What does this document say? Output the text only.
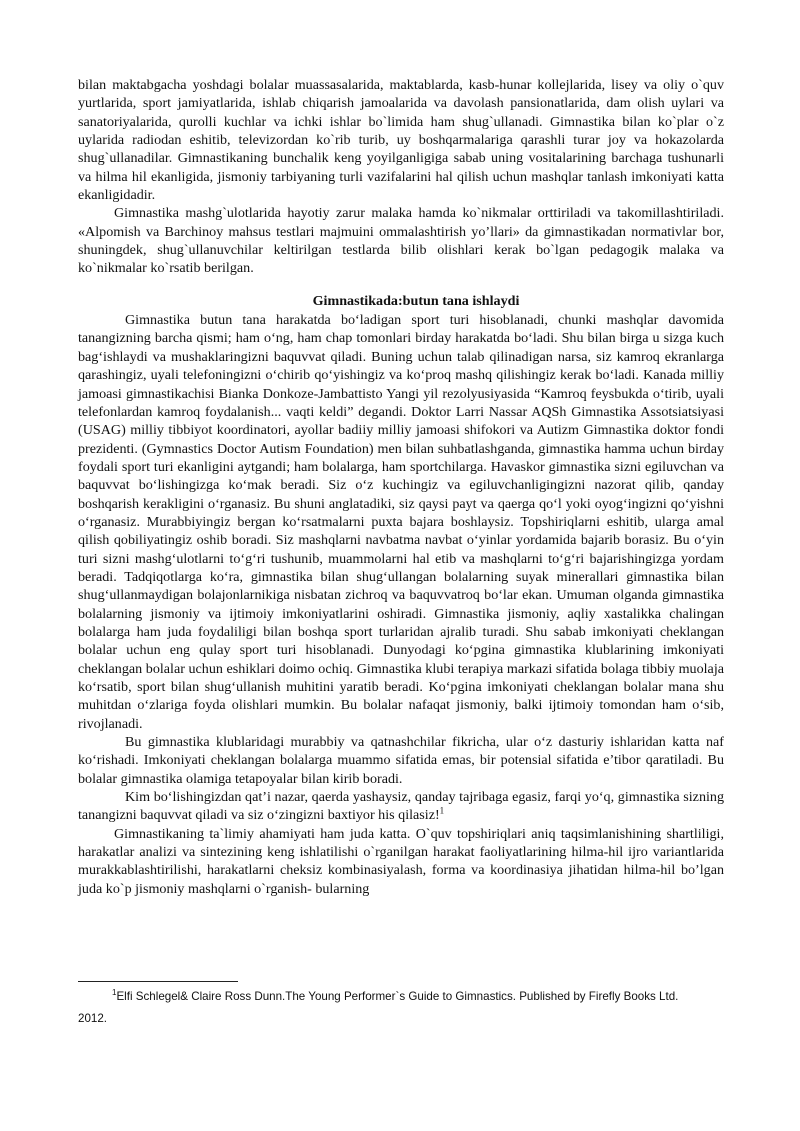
bilan maktabgacha yoshdagi bolalar muassasalarida, maktablarda, kasb-hunar kollejlarida, lisey va oliy o`quv yurtlarida, sport jamiyatlarida, ishlab chiqarish jamoalarida va davolash pansionatlarida, dam olish uylari va sanatoriyalarida, qurolli kuchlar va ichki ishlar bo`limida ham shug`ullanadi. Gimnastika bilan ko`plar o`z uylarida radiodan eshitib, televizordan ko`rib turib, uy boshqarmalariga qarashli turar joy va hokazolarda shug`ullanadilar. Gimnastikaning bunchalik keng yoyilganligiga sabab uning vositalarining barchaga tushunarli va hilma hil ekanligida, jismoniy tarbiyaning turli vazifalarini hal qilish uchun mashqlar tanlash imkoniyati katta ekanligidadir.

Gimnastika mashg`ulotlarida hayotiy zarur malaka hamda ko`nikmalar orttiriladi va takomillashtiriladi. «Alpomish va Barchinoy mahsus testlari majmuini ommalashtirish yo’llari» da gimnastikadan normativlar bor, shuningdek, shug`ullanuvchilar keltirilgan testlarda bilib olishlari kerak bo`lgan pedagogik malaka va ko`nikmalar ko`rsatib berilgan.

Gimnastikada:butun tana ishlaydi

Gimnastika butun tana harakatda bo‘ladigan sport turi hisoblanadi, chunki mashqlar davomida tanangizning barcha qismi; ham o‘ng, ham chap tomonlari birday harakatda bo‘ladi. Shu bilan birga u sizga kuch bag‘ishlaydi va mushaklaringizni baquvvat qiladi. Buning uchun talab qilinadigan narsa, siz kamroq ekranlarga qarashingiz, uyali telefoningizni o‘chirib qo‘yishingiz va ko‘proq mashq qilishingiz kerak bo‘ladi. Kanada milliy jamoasi gimnastikachisi Bianka Donkoze-Jambattisto Yangi yil rezolyusiyasida “Kamroq feysbukda o‘tirib, uyali telefonlardan kamroq foydalanish... vaqti keldi” degandi. Doktor Larri Nassar AQSh Gimnastika Assotsiatsiyasi (USAG) milliy tibbiyot koordinatori, ayollar badiiy milliy jamoasi shifokori va Autizm Gimnastika doktor fondi prezidenti. (Gymnastics Doctor Autism Foundation) men bilan suhbatlashganda, gimnastika hamma uchun birday foydali sport turi ekanligini aytgandi; ham bolalarga, ham sportchilarga. Havaskor gimnastika sizni egiluvchan va baquvvat bo‘lishingizga ko‘mak beradi. Siz o‘z kuchingiz va egiluvchanligingizni nazorat qilib, qanday boshqarish kerakligini o‘rganasiz. Bu shuni anglatadiki, siz qaysi payt va qaerga qo‘l yoki oyog‘ingizni qo‘yishni o‘rganasiz. Murabbiyingiz bergan ko‘rsatmalarni puxta bajara boshlaysiz. Topshiriqlarni eshitib, ularga amal qilish qobiliyatingiz oshib boradi. Siz mashqlarni navbatma navbat o‘yinlar yordamida bajarib borasiz. Bu o‘yin turi sizni mashg‘ulotlarni to‘g‘ri tushunib, muammolarni hal etib va mashqlarni to‘g‘ri bajarishingizga yordam beradi. Tadqiqotlarga ko‘ra, gimnastika bilan shug‘ullangan bolalarning suyak minerallari gimnastika bilan shug‘ullanmaydigan bolajonlarnikiga nisbatan zichroq va baquvvatroq bo‘lar ekan. Umuman olganda gimnastika bolalarning jismoniy va ijtimoiy imkoniyatlarini oshiradi. Gimnastika jismoniy, aqliy xastalikka chalingan bolalarga ham juda foydaliligi bilan boshqa sport turlaridan ajralib turadi. Shu sabab imkoniyati cheklangan bolalar uchun eng qulay sport turi hisoblanadi. Dunyodagi ko‘pgina gimnastika klublarining imkoniyati cheklangan bolalar uchun eshiklari doimo ochiq. Gimnastika klubi terapiya markazi sifatida bolaga tibbiy muolaja ko‘rsatib, sport bilan shug‘ullanish muhitini yaratib beradi. Ko‘pgina imkoniyati cheklangan bolalar mana shu muhitdan o‘zlariga foyda olishlari mumkin. Bu bolalar nafaqat jismoniy, balki ijtimoiy tomondan ham o‘sib, rivojlanadi.

Bu gimnastika klublaridagi murabbiy va qatnashchilar fikricha, ular o‘z dasturiy ishlaridan katta naf ko‘rishadi. Imkoniyati cheklangan bolalarga muammo sifatida emas, bir potensial sifatida e’tibor qaratiladi. Bu bolalar gimnastika olamiga tetapoyalar bilan kirib boradi.

Kim bo‘lishingizdan qat’i nazar, qaerda yashaysiz, qanday tajribaga egasiz, farqi yo‘q, gimnastika sizning tanangizni baquvvat qiladi va siz o‘zingizni baxtiyor his qilasiz!$^1$

Gimnastikaning ta`limiy ahamiyati ham juda katta. O`quv topshiriqlari aniq taqsimlanishining shartliligi, harakatlar analizi va sintezining keng ishlatilishi o`rganilgan harakat faoliyatlarining hilma-hil ijro variantlarida murakkablashtirilishi, harakatlarni cheksiz kombinasiyalash, forma va koordinasiya jihatidan hilma-hil bo’lgan juda ko`p jismoniy mashqlarni o`rganish- bularning

$^1$Elfi Schlegel& Claire Ross Dunn.The Young Performer`s Guide to Gimnastics. Published by Firefly Books Ltd.
2012.
